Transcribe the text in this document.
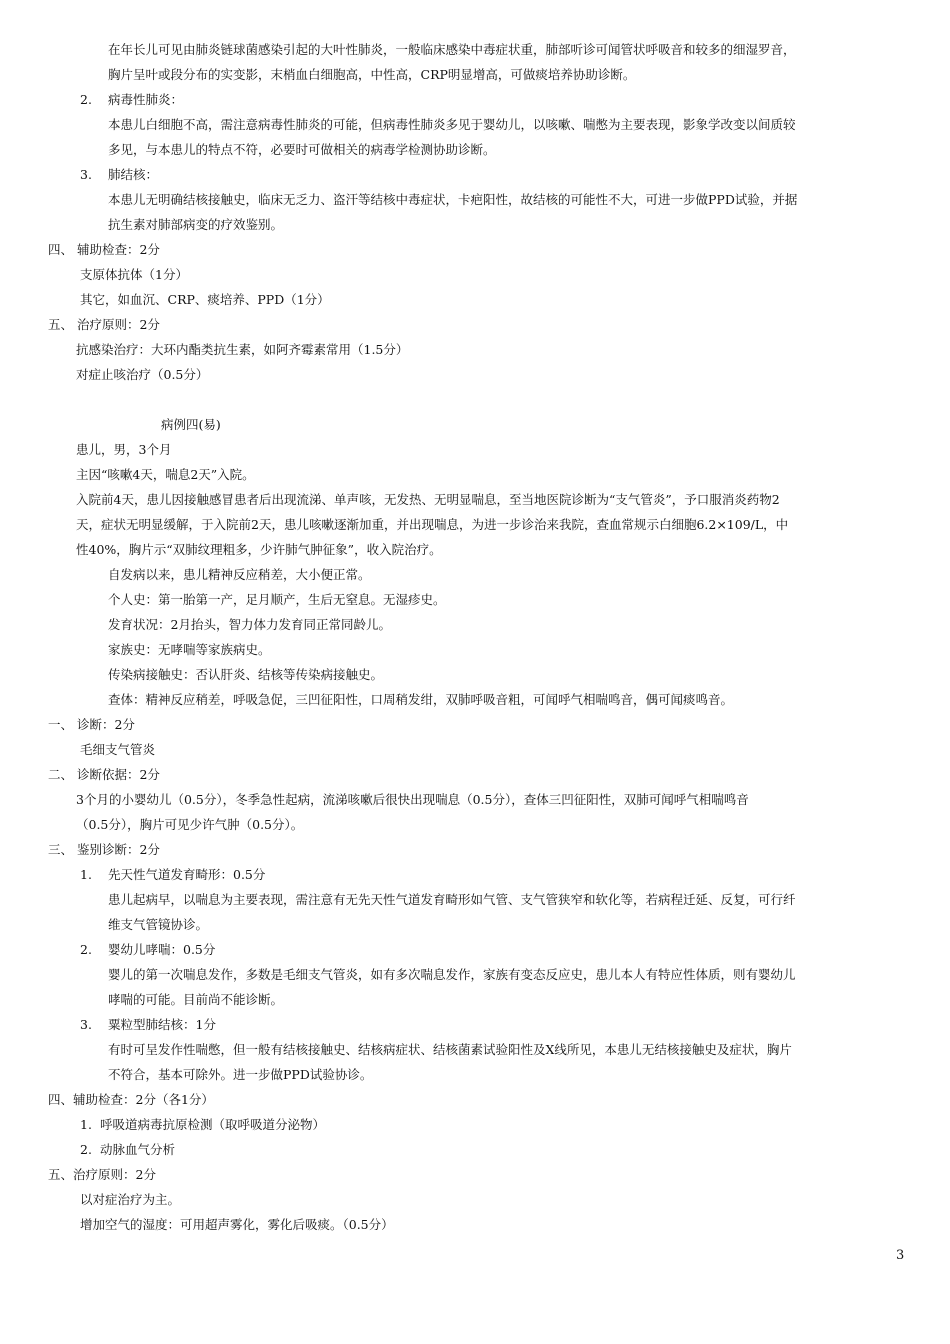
在年长儿可见由肺炎链球菌感染引起的大叶性肺炎，一般临床感染中毒症状重，肺部听诊可闻管状呼吸音和较多的细湿罗音，
胸片呈叶或段分布的实变影，末梢血白细胞高，中性高，CRP明显增高，可做痰培养协助诊断。
2. 病毒性肺炎：
本患儿白细胞不高，需注意病毒性肺炎的可能，但病毒性肺炎多见于婴幼儿，以咳嗽、喘憋为主要表现，影象学改变以间质较
多见，与本患儿的特点不符，必要时可做相关的病毒学检测协助诊断。
3. 肺结核：
本患儿无明确结核接触史，临床无乏力、盗汗等结核中毒症状，卡疤阳性，故结核的可能性不大，可进一步做PPD试验，并据
抗生素对肺部病变的疗效鉴别。
四、 辅助检查：2分
支原体抗体（1分）
其它，如血沉、CRP、痰培养、PPD（1分）
五、 治疗原则：2分
抗感染治疗：大环内酯类抗生素，如阿齐霉素常用（1.5分）
对症止咳治疗（0.5分）
病例四(易)
患儿，男，3个月
主因“咳嗽4天，喘息2天”入院。
入院前4天，患儿因接触感冒患者后出现流涕、单声咳，无发热、无明显喘息，至当地医院诊断为“支气管炎”，予口服消炎药物2
天，症状无明显缓解，于入院前2天，患儿咳嗽逐渐加重，并出现喘息，为进一步诊治来我院，查血常规示白细胞6.2×109/L，中
性40%，胸片示“双肺纹理粗多，少许肺气肿征象”，收入院治疗。
自发病以来，患儿精神反应稍差，大小便正常。
个人史：第一胎第一产，足月顺产，生后无窒息。无湿疹史。
发育状况：2月抬头，智力体力发育同正常同龄儿。
家族史：无哮喘等家族病史。
传染病接触史：否认肝炎、结核等传染病接触史。
查体：精神反应稍差，呼吸急促，三凹征阳性，口周稍发绀，双肺呼吸音粗，可闻呼气相喘鸣音，偶可闻痰鸣音。
一、 诊断：2分
毛细支气管炎
二、 诊断依据：2分
3个月的小婴幼儿（0.5分），冬季急性起病，流涕咳嗽后很快出现喘息（0.5分），查体三凹征阳性，双肺可闻呼气相喘鸣音
（0.5分），胸片可见少许气肿（0.5分）。
三、 鉴别诊断：2分
1. 先天性气道发育畸形：0.5分
患儿起病早，以喘息为主要表现，需注意有无先天性气道发育畸形如气管、支气管狭窄和软化等，若病程迁延、反复，可行纤
维支气管镜协诊。
2. 婴幼儿哮喘：0.5分
婴儿的第一次喘息发作，多数是毛细支气管炎，如有多次喘息发作，家族有变态反应史，患儿本人有特应性体质，则有婴幼儿
哮喘的可能。目前尚不能诊断。
3. 粟粒型肺结核：1分
有时可呈发作性喘憋，但一般有结核接触史、结核病症状、结核菌素试验阳性及X线所见，本患儿无结核接触史及症状，胸片
不符合，基本可除外。进一步做PPD试验协诊。
四、辅助检查：2分（各1分）
1. 呼吸道病毒抗原检测（取呼吸道分泌物）
2. 动脉血气分析
五、治疗原则：2分
以对症治疗为主。
增加空气的湿度：可用超声雾化，雾化后吸痰。（0.5分）
3
